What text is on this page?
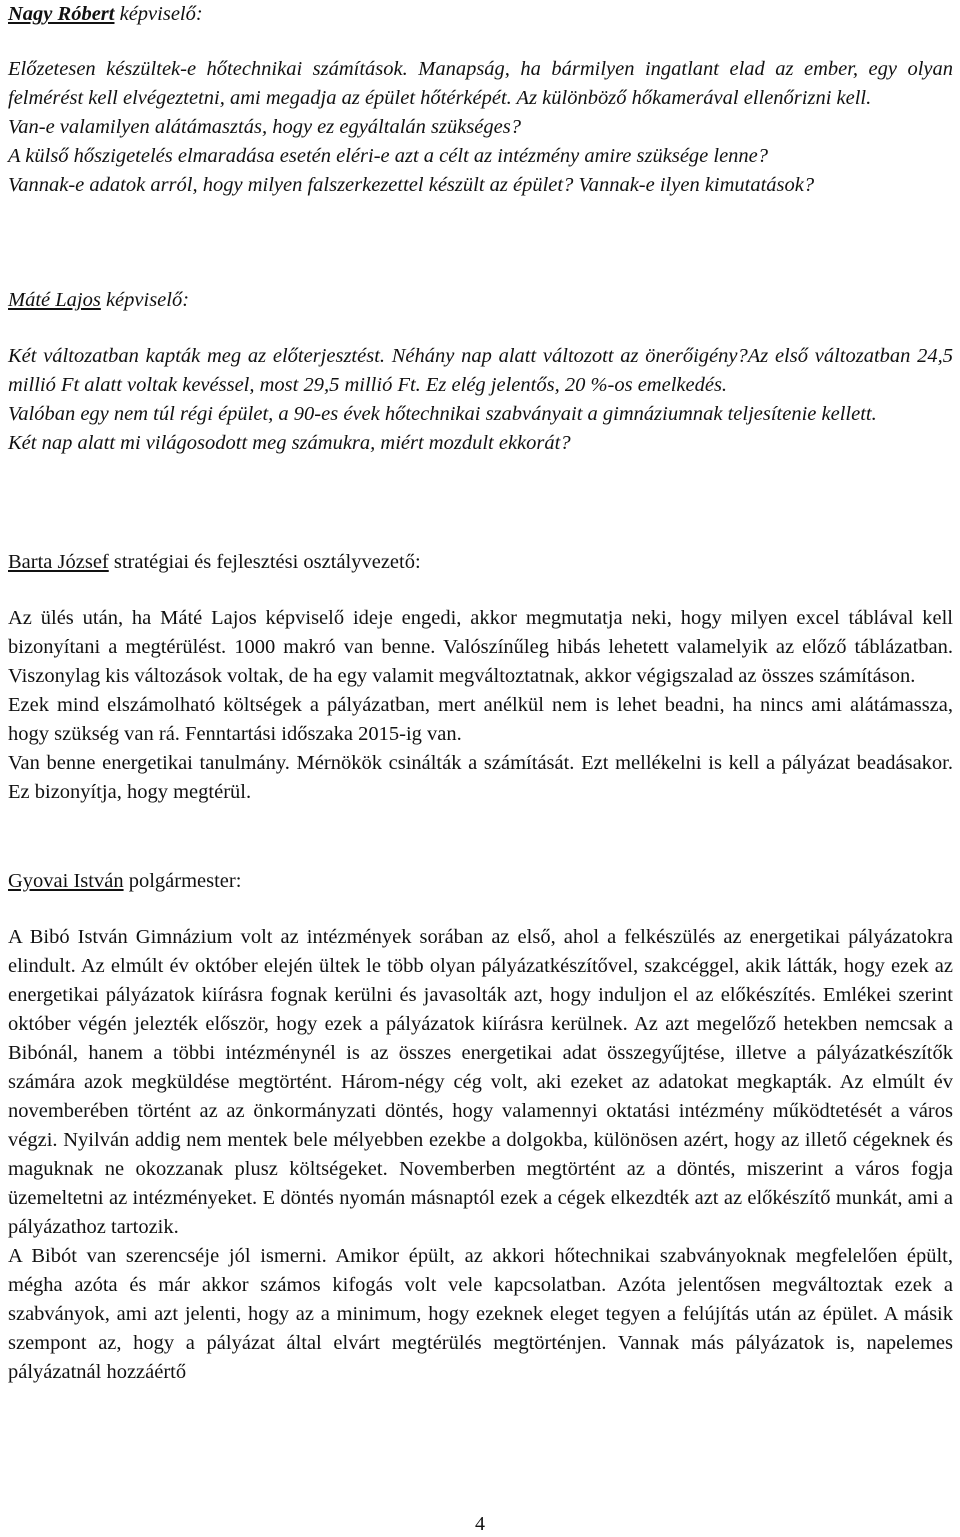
Nagy Róbert képviselő:

Előzetesen készültek-e hőtechnikai számítások. Manapság, ha bármilyen ingatlant elad az ember, egy olyan felmérést kell elvégeztetni, ami megadja az épület hőtérképét. Az különböző hőkamerával ellenőrizni kell.

Van-e valamilyen alátámasztás, hogy ez egyáltalán szükséges?

A külső hőszigetelés elmaradása esetén eléri-e azt a célt az intézmény amire szüksége lenne?

Vannak-e adatok arról, hogy milyen falszerkezettel készült az épület? Vannak-e ilyen kimutatások?

Máté Lajos képviselő:

Két változatban kapták meg az előterjesztést. Néhány nap alatt változott az önerőigény?Az első változatban 24,5 millió Ft alatt voltak kevéssel, most 29,5 millió Ft. Ez elég jelentős, 20 %-os emelkedés.

Valóban egy nem túl régi épület, a 90-es évek hőtechnikai szabványait a gimnáziumnak teljesítenie kellett.

Két nap alatt mi világosodott meg számukra, miért mozdult ekkorát?

Barta József stratégiai és fejlesztési osztályvezető:

Az ülés után, ha Máté Lajos képviselő ideje engedi, akkor megmutatja neki, hogy milyen excel táblával kell bizonyítani a megtérülést. 1000 makró van benne. Valószínűleg hibás lehetett valamelyik az előző táblázatban. Viszonylag kis változások voltak, de ha egy valamit megváltoztatnak, akkor végigszalad az összes számításon.

Ezek mind elszámolható költségek a pályázatban, mert anélkül nem is lehet beadni, ha nincs ami alátámassza, hogy szükség van rá. Fenntartási időszaka 2015-ig van.

Van benne energetikai tanulmány. Mérnökök csinálták a számítását. Ezt mellékelni is kell a pályázat beadásakor. Ez bizonyítja, hogy megtérül.

Gyovai István polgármester:

A Bibó István Gimnázium volt az intézmények sorában az első, ahol a felkészülés az energetikai pályázatokra elindult. Az elmúlt év október elején ültek le több olyan pályázatkészítővel, szakcéggel, akik látták, hogy ezek az energetikai pályázatok kiírásra fognak kerülni és javasolták azt, hogy induljon el az előkészítés. Emlékei szerint október végén jelezték először, hogy ezek a pályázatok kiírásra kerülnek. Az azt megelőző hetekben nemcsak a Bibónál, hanem a többi intézménynél is az összes energetikai adat összegyűjtése, illetve a pályázatkészítők számára azok megküldése megtörtént. Három-négy cég volt, aki ezeket az adatokat megkapták. Az elmúlt év novemberében történt az az önkormányzati döntés, hogy valamennyi oktatási intézmény működtetését a város végzi. Nyilván addig nem mentek bele mélyebben ezekbe a dolgokba, különösen azért, hogy az illető cégeknek és maguknak ne okozzanak plusz költségeket. Novemberben megtörtént az a döntés, miszerint a város fogja üzemeltetni az intézményeket. E döntés nyomán másnaptól ezek a cégek elkezdték azt az előkészítő munkát, ami a pályázathoz tartozik.

A Bibót van szerencséje jól ismerni. Amikor épült, az akkori hőtechnikai szabványoknak megfelelően épült, mégha azóta és már akkor számos kifogás volt vele kapcsolatban. Azóta jelentősen megváltoztak ezek a szabványok, ami azt jelenti, hogy az a minimum, hogy ezeknek eleget tegyen a felújítás után az épület. A másik szempont az, hogy a pályázat által elvárt megtérülés megtörténjen. Vannak más pályázatok is, napelemes pályázatnál hozzáértő

4
